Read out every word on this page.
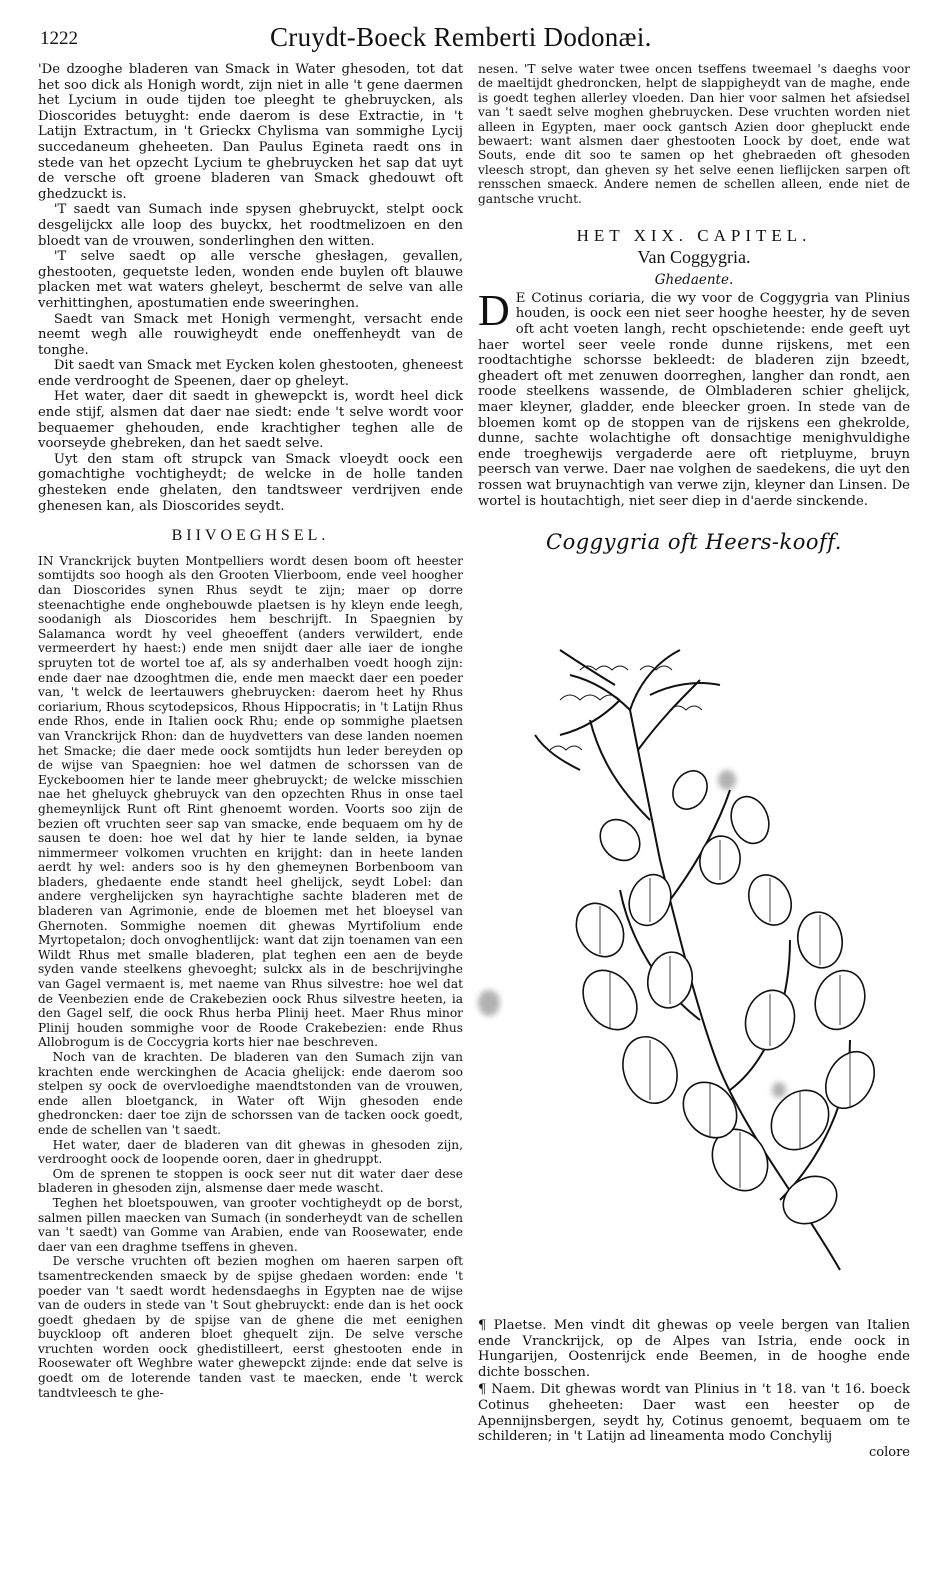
1222	Cruydt-Boeck Remberti Dodonæi.

'De dzooghe bladeren van Smack in Water ghesoden, tot dat het soo dick als Honigh wordt, zijn niet in alle 't gene daermen het Lycium in oude tijden toe pleeght te ghebruycken, als Dioscorides betuyght: ende daerom is dese Extractie, in 't Latijn Extractum, in 't Grieckx Chylisma van sommighe Lycij succedaneum gheheeten. Dan Paulus Egineta raedt ons in stede van het opzecht Lycium te ghebruycken het sap dat uyt de versche oft groene bladeren van Smack ghedouwt oft ghedzuckt is.

'T saedt van Sumach inde spysen ghebruyckt, stelpt oock desgelijckx alle loop des buyckx, het roodtmelizoen en den bloedt van de vrouwen, sonderlinghen den witten.

'T selve saedt op alle versche ghesłagen, gevallen, ghestooten, gequetste leden, wonden ende buylen oft blauwe placken met wat waters gheleyt, beschermt de selve van alle verhittinghen, apostumatien ende sweeringhen.

Saedt van Smack met Honigh vermenght, versacht ende neemt wegh alle rouwigheydt ende oneffenheydt van de tonghe.

Dit saedt van Smack met Eycken kolen ghestooten, gheneest ende verdrooght de Speenen, daer op gheleyt.

Het water, daer dit saedt in ghewepckt is, wordt heel dick ende stijf, alsmen dat daer nae siedt: ende 't selve wordt voor bequaemer ghehouden, ende krachtigher teghen alle de voorseyde ghebreken, dan het saedt selve.

Uyt den stam oft strupck van Smack vloeydt oock een gomachtighe vochtigheydt; de welcke in de holle tanden ghesteken ende ghelaten, den tandtsweer verdrijven ende ghenesen kan, als Dioscorides seydt.

BIIVOEGHSEL.

IN Vranckrijck buyten Montpelliers wordt desen boom oft heester somtijdts soo hoogh als den Grooten Vlierboom, ende veel hoogher dan Dioscorides synen Rhus seydt te zijn; maer op dorre steenachtighe ende onghebouwde plaetsen is hy kleyn ende leegh, soodanigh als Dioscorides hem beschrijft. In Spaegnien by Salamanca wordt hy veel gheoeffent (anders verwildert, ende vermeerdert hy haest:) ende men snijdt daer alle iaer de ionghe spruyten tot de wortel toe af, als sy anderhalben voedt hoogh zijn: ende daer nae dzooghtmen die, ende men maeckt daer een poeder van, 't welck de leertauwers ghebruycken: daerom heet hy Rhus coriarium, Rhous scytodepsicos, Rhous Hippocratis; in 't Latijn Rhus ende Rhos, ende in Italien oock Rhu; ende op sommighe plaetsen van Vranckrijck Rhon: dan de huydvetters van dese landen noemen het Smacke; die daer mede oock somtijdts hun leder bereyden op de wijse van Spaegnien: hoe wel datmen de schorssen van de Eyckeboomen hier te lande meer ghebruyckt; de welcke misschien nae het gheluyck ghebruyck van den opzechten Rhus in onse tael ghemeynlijck Runt oft Rint ghenoemt worden. Voorts soo zijn de bezien oft vruchten seer sap van smacke, ende bequaem om hy de sausen te doen: hoe wel dat hy hier te lande selden, ia bynae nimmermeer volkomen vruchten en krijght: dan in heete landen aerdt hy wel: anders soo is hy den ghemeynen Borbenboom van bladers, ghedaente ende standt heel ghelijck, seydt Lobel: dan andere verghelijcken syn hayrachtighe sachte bladeren met de bladeren van Agrimonie, ende de bloemen met het bloeysel van Ghernoten. Sommighe noemen dit ghewas Myrtifolium ende Myrtopetalon; doch onvoghentlijck: want dat zijn toenamen van een Wildt Rhus met smalle bladeren, plat teghen een aen de beyde syden vande steelkens ghevoeght; sulckx als in de beschrijvinghe van Gagel vermaent is, met naeme van Rhus silvestre: hoe wel dat de Veenbezien ende de Crakebezien oock Rhus silvestre heeten, ia den Gagel self, die oock Rhus herba Plinij heet. Maer Rhus minor Plinij houden sommighe voor de Roode Crakebezien: ende Rhus Allobrogum is de Coccygria korts hier nae beschreven.

Noch van de krachten. De bladeren van den Sumach zijn van krachten ende werckinghen de Acacia ghelijck: ende daerom soo stelpen sy oock de overvloedighe maendtstonden van de vrouwen, ende allen bloetganck, in Water oft Wijn ghesoden ende ghedroncken: daer toe zijn de schorssen van de tacken oock goedt, ende de schellen van 't saedt.

Het water, daer de bladeren van dit ghewas in ghesoden zijn, verdrooght oock de loopende ooren, daer in ghedruppt.

Om de sprenen te stoppen is oock seer nut dit water daer dese bladeren in ghesoden zijn, alsmense daer mede wascht.

Teghen het bloetspouwen, van grooter vochtigheydt op de borst, salmen pillen maecken van Sumach (in sonderheydt van de schellen van 't saedt) van Gomme van Arabien, ende van Roosewater, ende daer van een draghme tseffens in gheven.

De versche vruchten oft bezien moghen om haeren sarpen oft tsamentreckenden smaeck by de spijse ghedaen worden: ende 't poeder van 't saedt wordt hedensdaeghs in Egypten nae de wijse van de ouders in stede van 't Sout ghebruyckt: ende dan is het oock goedt ghedaen by de spijse van de ghene die met eenighen buyckloop oft anderen bloet ghequelt zijn. De selve versche vruchten worden oock ghedistilleert, eerst ghestooten ende in Roosewater oft Weghbre water ghewepckt zijnde: ende dat selve is goedt om de loterende tanden vast te maecken, ende 't werck tandtvleesch te ghe-

nesen. 'T selve water twee oncen tseffens tweemael 's daeghs voor de maeltijdt ghedroncken, helpt de slappigheydt van de maghe, ende is goedt teghen allerley vloeden. Dan hier voor salmen het afsiedsel van 't saedt selve moghen ghebruycken. Dese vruchten worden niet alleen in Egypten, maer oock gantsch Azien door ghepluckt ende bewaert: want alsmen daer ghestooten Loock by doet, ende wat Souts, ende dit soo te samen op het ghebraeden oft ghesoden vleesch stropt, dan gheven sy het selve eenen lieflijcken sarpen oft rensschen smaeck. Andere nemen de schellen alleen, ende niet de gantsche vrucht.

HET XIX. CAPITEL.
Van Coggygria.
Ghedaente.

D E Cotinus coriaria, die wy voor de Coggygria van Plinius houden, is oock een niet seer hooghe heester, hy de seven oft acht voeten langh, recht opschietende: ende geeft uyt haer wortel seer veele ronde dunne rijskens, met een roodtachtighe schorsse bekleedt: de bladeren zijn bzeedt, gheadert oft met zenuwen doorreghen, langher dan rondt, aen roode steelkens wassende, de Olmbladeren schier ghelijck, maer kleyner, gladder, ende bleecker groen. In stede van de bloemen komt op de stoppen van de rijskens een ghekrolde, dunne, sachte wolachtighe oft donsachtige menighvuldighe ende troeghewijs vergaderde aere oft rietpluyme, bruyn peersch van verwe. Daer nae volghen de saedekens, die uyt den rossen wat bruynachtigh van verwe zijn, kleyner dan Linsen. De wortel is houtachtigh, niet seer diep in d'aerde sinckende.

Coggygria oft Heers-kooff.

¶ Plaetse. Men vindt dit ghewas op veele bergen van Italien ende Vranckrijck, op de Alpes van Istria, ende oock in Hungarijen, Oostenrijck ende Beemen, in de hooghe ende dichte bosschen.

¶ Naem. Dit ghewas wordt van Plinius in 't 18. van 't 16. boeck Cotinus gheheeten: Daer wast een heester op de Apennijnsbergen, seydt hy, Cotinus genoemt, bequaem om te schilderen; in 't Latijn ad lineamenta modo Conchylij

colore
